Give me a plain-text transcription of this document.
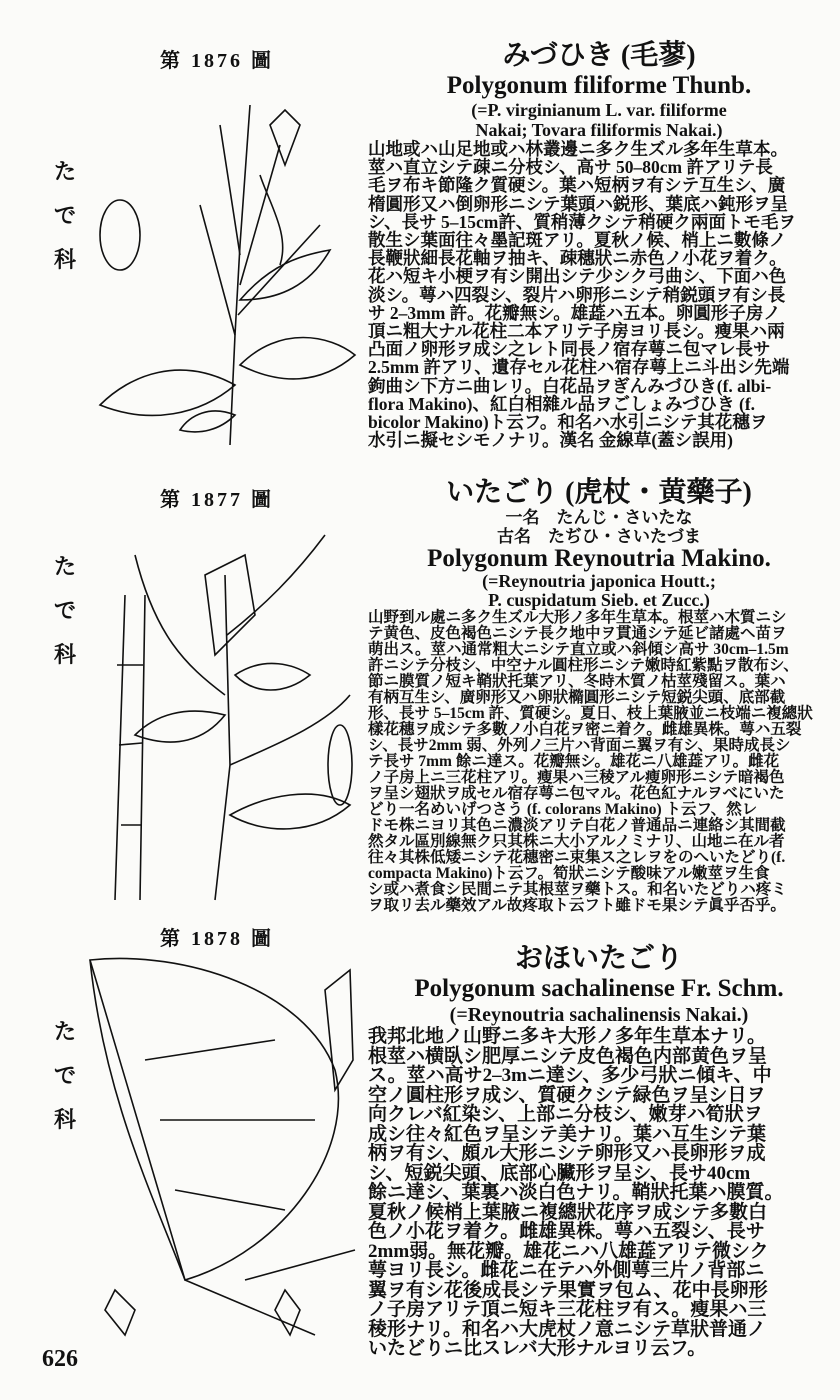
第 1876 圖
た
で
科
みづひき (毛蓼)
Polygonum filiforme Thunb.
(=P. virginianum L. var. filiforme
Nakai; Tovara filiformis Nakai.)
山地或ハ山足地或ハ林叢邊ニ多ク生ズル多年生草本。
莖ハ直立シテ疎ニ分枝シ、高サ 50–80cm 許アリテ長
毛ヲ布キ節隆ク質硬シ。葉ハ短柄ヲ有シテ互生シ、廣
楕圓形又ハ倒卵形ニシテ葉頭ハ鋭形、葉底ハ鈍形ヲ呈
シ、長サ 5–15cm許、質稍薄クシテ稍硬ク兩面トモ毛ヲ
散生シ葉面往々墨記斑アリ。夏秋ノ候、梢上ニ數條ノ
長鞭狀細長花軸ヲ抽キ、疎穗狀ニ赤色ノ小花ヲ着ク。
花ハ短キ小梗ヲ有シ開出シテ少シク弓曲シ、下面ハ色
淡シ。萼ハ四裂シ、裂片ハ卵形ニシテ稍鋭頭ヲ有シ長
サ 2–3mm 許。花瓣無シ。雄蕋ハ五本。卵圓形子房ノ
頂ニ粗大ナル花柱二本アリテ子房ヨリ長シ。瘦果ハ兩
凸面ノ卵形ヲ成シ之レト同長ノ宿存萼ニ包マレ長サ
2.5mm 許アリ、遺存セル花柱ハ宿存萼上ニ斗出シ先端
鉤曲シ下方ニ曲レリ。白花品ヲぎんみづひき(f. albi-
flora Makino)、紅白相雜ル品ヲごしょみづひき (f.
bicolor Makino)ト云フ。和名ハ水引ニシテ其花穗ヲ
水引ニ擬セシモノナリ。漢名 金線草(蓋シ誤用)
第 1877 圖
た
で
科
いたごり (虎杖・黄藥子)
一名　たんじ・さいたな
古名　たぢひ・さいたづま
Polygonum Reynoutria Makino.
(=Reynoutria japonica Houtt.;
P. cuspidatum Sieb. et Zucc.)
山野到ル處ニ多ク生ズル大形ノ多年生草本。根莖ハ木質ニシ
テ黄色、皮色褐色ニシテ長ク地中ヲ貫通シテ延ビ諸處ヘ苗ヲ
萌出ス。莖ハ通常粗大ニシテ直立或ハ斜傾シ高サ 30cm–1.5m
許ニシテ分枝シ、中空ナル圓柱形ニシテ嫩時紅紫點ヲ散布シ、
節ニ膜質ノ短キ鞘狀托葉アリ、冬時木質ノ枯莖殘留ス。葉ハ
有柄互生シ、廣卵形又ハ卵狀橢圓形ニシテ短鋭尖頭、底部截
形、長サ 5–15cm 許、質硬シ。夏日、枝上葉腋並ニ枝端ニ複總狀
樣花穗ヲ成シテ多數ノ小白花ヲ密ニ着ク。雌雄異株。萼ハ五裂
シ、長サ2mm 弱、外列ノ三片ハ背面ニ翼ヲ有シ、果時成長シ
テ長サ 7mm 餘ニ達ス。花瓣無シ。雄花ニ八雄蕋アリ。雌花
ノ子房上ニ三花柱アリ。瘦果ハ三稜アル瘦卵形ニシテ暗褐色
ヲ呈シ翅狀ヲ成セル宿存萼ニ包マル。花色紅ナルヲべにいた
どり一名めいげつさう (f. colorans Makino) ト云フ、然レ
ドモ株ニヨリ其色ニ濃淡アリテ白花ノ普通品ニ連絡シ其間截
然タル區別線無ク只其株ニ大小アルノミナリ、山地ニ在ル者
往々其株低矮ニシテ花穗密ニ束集ス之レヲをのへいたどり(f.
compacta Makino)ト云フ。筍狀ニシテ酸味アル嫩莖ヲ生食
シ或ハ煮食シ民間ニテ其根莖ヲ藥トス。和名いたどりハ疼ミ
ヲ取リ去ル藥效アル故疼取ト云フト雖ドモ果シテ眞乎否乎。
第 1878 圖
た
で
科
おほいたごり
Polygonum sachalinense Fr. Schm.
(=Reynoutria sachalinensis Nakai.)
我邦北地ノ山野ニ多キ大形ノ多年生草本ナリ。
根莖ハ横臥シ肥厚ニシテ皮色褐色内部黄色ヲ呈
ス。莖ハ高サ2–3mニ達シ、多少弓狀ニ傾キ、中
空ノ圓柱形ヲ成シ、質硬クシテ緑色ヲ呈シ日ヲ
向クレバ紅染シ、上部ニ分枝シ、嫩芽ハ筍狀ヲ
成シ往々紅色ヲ呈シテ美ナリ。葉ハ互生シテ葉
柄ヲ有シ、頗ル大形ニシテ卵形又ハ長卵形ヲ成
シ、短鋭尖頭、底部心臟形ヲ呈シ、長サ40cm
餘ニ達シ、葉裏ハ淡白色ナリ。鞘狀托葉ハ膜質。
夏秋ノ候梢上葉腋ニ複總狀花序ヲ成シテ多數白
色ノ小花ヲ着ク。雌雄異株。萼ハ五裂シ、長サ
2mm弱。無花瓣。雄花ニハ八雄蕋アリテ微シク
萼ヨリ長シ。雌花ニ在テハ外側萼三片ノ背部ニ
翼ヲ有シ花後成長シテ果實ヲ包ム、花中長卵形
ノ子房アリテ頂ニ短キ三花柱ヲ有ス。瘦果ハ三
稜形ナリ。和名ハ大虎杖ノ意ニシテ草狀普通ノ
いたどりニ比スレバ大形ナルヨリ云フ。
626
